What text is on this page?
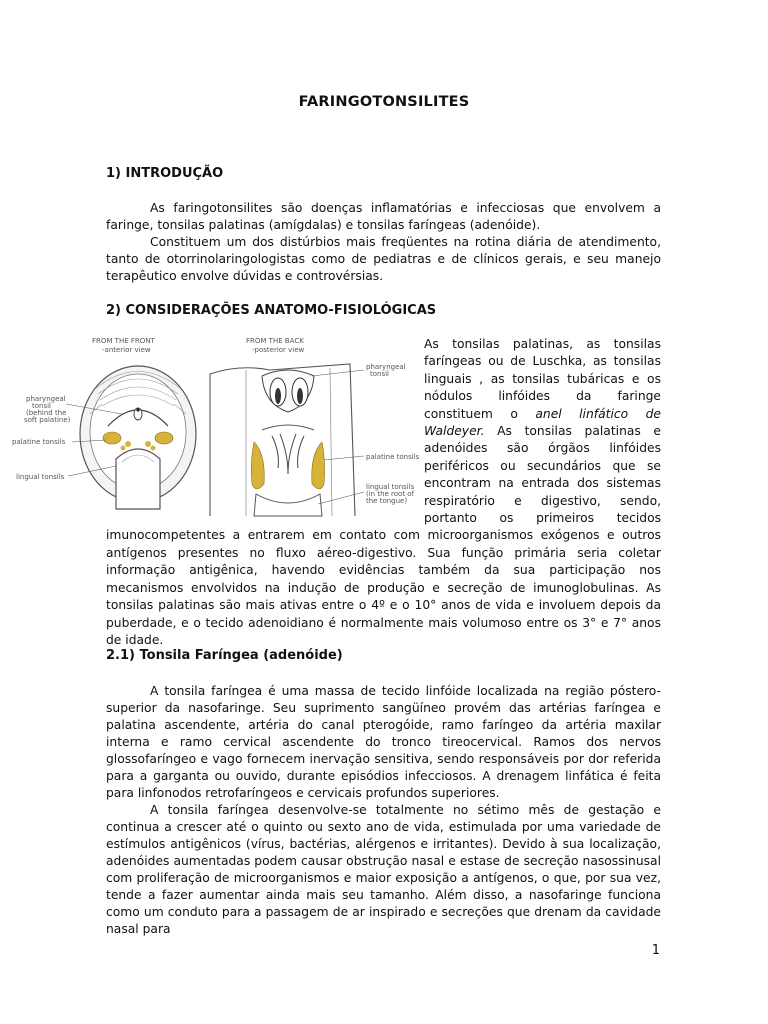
FARINGOTONSILITES
1) INTRODUÇÃO

As faringotonsilites são doenças inflamatórias e infecciosas que envolvem a faringe, tonsilas palatinas (amígdalas) e tonsilas faríngeas (adenóide).

Constituem um dos distúrbios mais freqüentes na rotina diária de atendimento, tanto de otorrinolaringologistas como de pediatras e de clínicos gerais, e seu manejo terapêutico envolve dúvidas e controvérsias.

2) CONSIDERAÇÕES ANATOMO-FISIOLÓGICAS
As tonsilas palatinas, as tonsilas faríngeas ou de Luschka, as tonsilas linguais , as tonsilas tubáricas e os nódulos linfóides da faringe constituem o anel linfático de Waldeyer. As tonsilas palatinas e adenóides são órgãos linfóides periféricos ou secundários que se encontram na entrada dos sistemas respiratório e digestivo, sendo, portanto os primeiros tecidos imunocompetentes a entrarem em contato com microorganismos exógenos e outros antígenos presentes no fluxo aéreo-digestivo. Sua função primária seria coletar informação antigênica, havendo evidências também da sua participação nos mecanismos envolvidos na indução de produção e secreção de imunoglobulinas. As tonsilas palatinas são mais ativas entre o 4º e o 10° anos de vida e involuem depois da puberdade, e o tecido adenoidiano é normalmente mais volumoso entre os 3° e 7° anos de idade.
FROM THE FRONT
-anterior view
FROM THE BACK
-posterior view
pharyngeal
tonsil
(behind the
soft palatine)
palatine tonsils
lingual tonsils
pharyngeal
tonsil
palatine tonsils
lingual tonsils
(in the root of
the tongue)
2.1) Tonsila Faríngea (adenóide)

A tonsila faríngea é uma massa de tecido linfóide localizada na região póstero-superior da nasofaringe. Seu suprimento sangüíneo provém das artérias faríngea e palatina ascendente, artéria do canal pterogóide, ramo faríngeo da artéria maxilar interna e ramo cervical ascendente do tronco tireocervical. Ramos dos nervos glossofaríngeo e vago fornecem inervação sensitiva, sendo responsáveis por dor referida para a garganta ou ouvido, durante episódios infecciosos. A drenagem linfática é feita para linfonodos retrofaríngeos e cervicais profundos superiores.

A tonsila faríngea desenvolve-se totalmente no sétimo mês de gestação e continua a crescer até o quinto ou sexto ano de vida, estimulada por uma variedade de estímulos antigênicos (vírus, bactérias, alérgenos e irritantes). Devido à sua localização, adenóides aumentadas podem causar obstrução nasal e estase de secreção nasossinusal com proliferação de microorganismos e maior exposição a antígenos, o que, por sua vez, tende a fazer aumentar ainda mais seu tamanho. Além disso, a nasofaringe funciona como um conduto para a passagem de ar inspirado e secreções que drenam da cavidade nasal para

1
